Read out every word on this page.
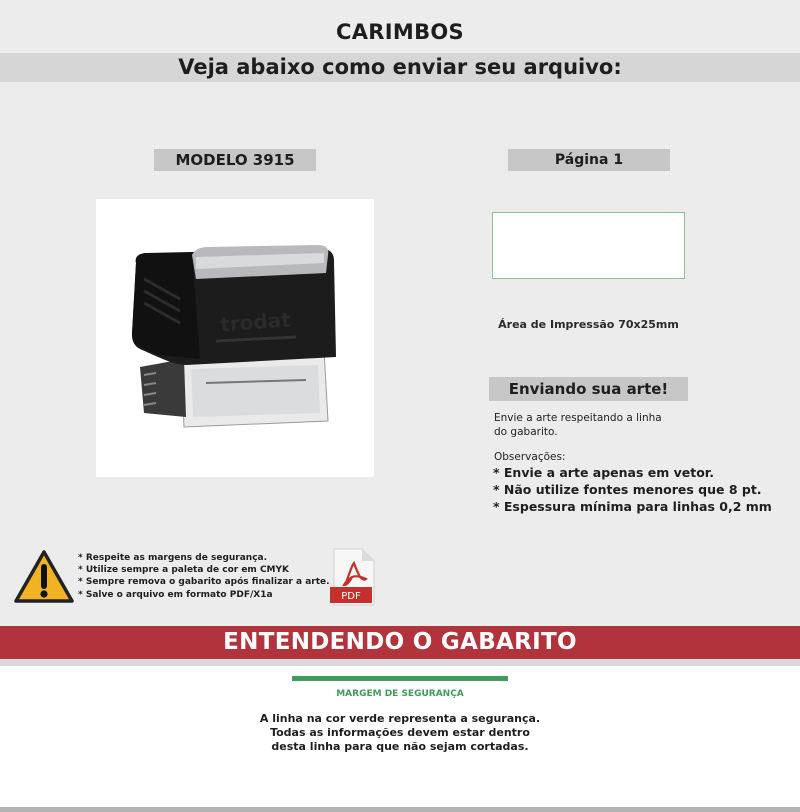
CARIMBOS
Veja abaixo como enviar seu arquivo:
MODELO 3915	Página 1
trodat	Área de Impressão 70x25mm
Enviando sua arte!
Envie a arte respeitando a linha
do gabarito.
Observações:
* Envie a arte apenas em vetor.
* Não utilize fontes menores que 8 pt.
* Espessura mínima para linhas 0,2 mm
* Respeite as margens de segurança.
* Utilize sempre a paleta de cor em CMYK
* Sempre remova o gabarito após finalizar a arte.
* Salve o arquivo em formato PDF/X1a	PDF
ENTENDENDO O GABARITO
MARGEM DE SEGURANÇA
A linha na cor verde representa a segurança.
Todas as informações devem estar dentro
desta linha para que não sejam cortadas.
